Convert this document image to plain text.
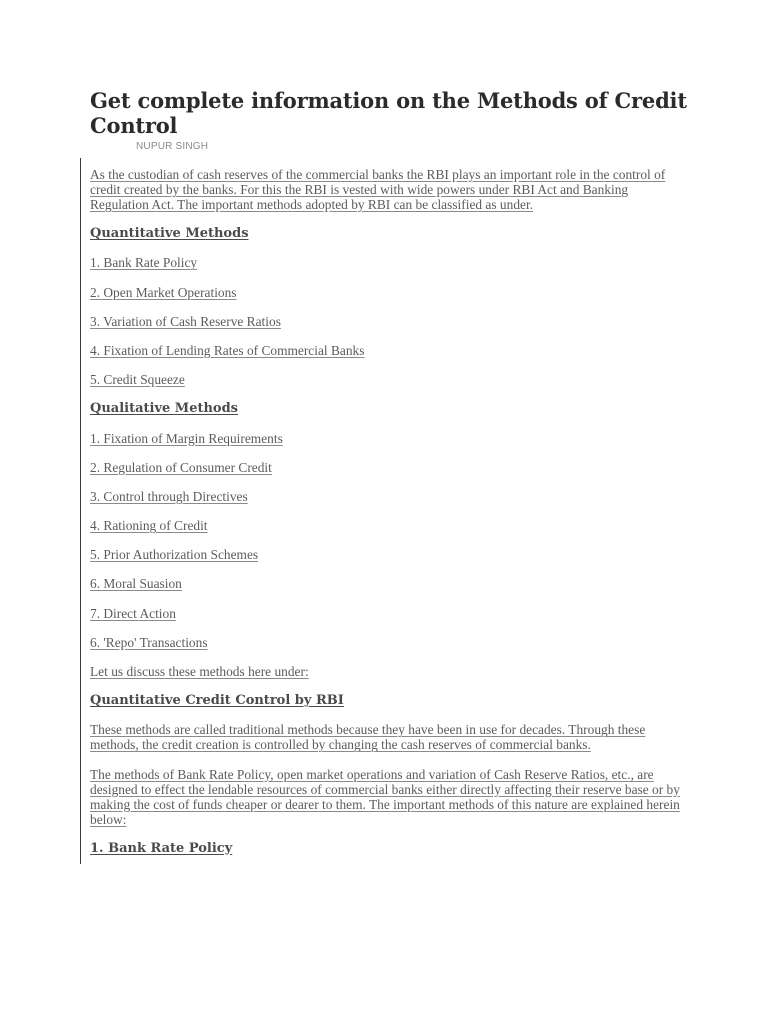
Get complete information on the Methods of Credit Control
NUPUR SINGH

As the custodian of cash reserves of the commercial banks the RBI plays an important role in the control of credit created by the banks. For this the RBI is vested with wide powers under RBI Act and Banking Regulation Act. The important methods adopted by RBI can be classified as under.

Quantitative Methods

1. Bank Rate Policy

2. Open Market Operations

3. Variation of Cash Reserve Ratios

4. Fixation of Lending Rates of Commercial Banks

5. Credit Squeeze

Qualitative Methods

1. Fixation of Margin Requirements

2. Regulation of Consumer Credit

3. Control through Directives

4. Rationing of Credit

5. Prior Authorization Schemes

6. Moral Suasion

7. Direct Action

6. 'Repo' Transactions

Let us discuss these methods here under:

Quantitative Credit Control by RBI

These methods are called traditional methods because they have been in use for decades. Through these methods, the credit creation is controlled by changing the cash reserves of commercial banks.

The methods of Bank Rate Policy, open market operations and variation of Cash Reserve Ratios, etc., are designed to effect the lendable resources of commercial banks either directly affecting their reserve base or by making the cost of funds cheaper or dearer to them. The important methods of this nature are explained herein below:

1. Bank Rate Policy
